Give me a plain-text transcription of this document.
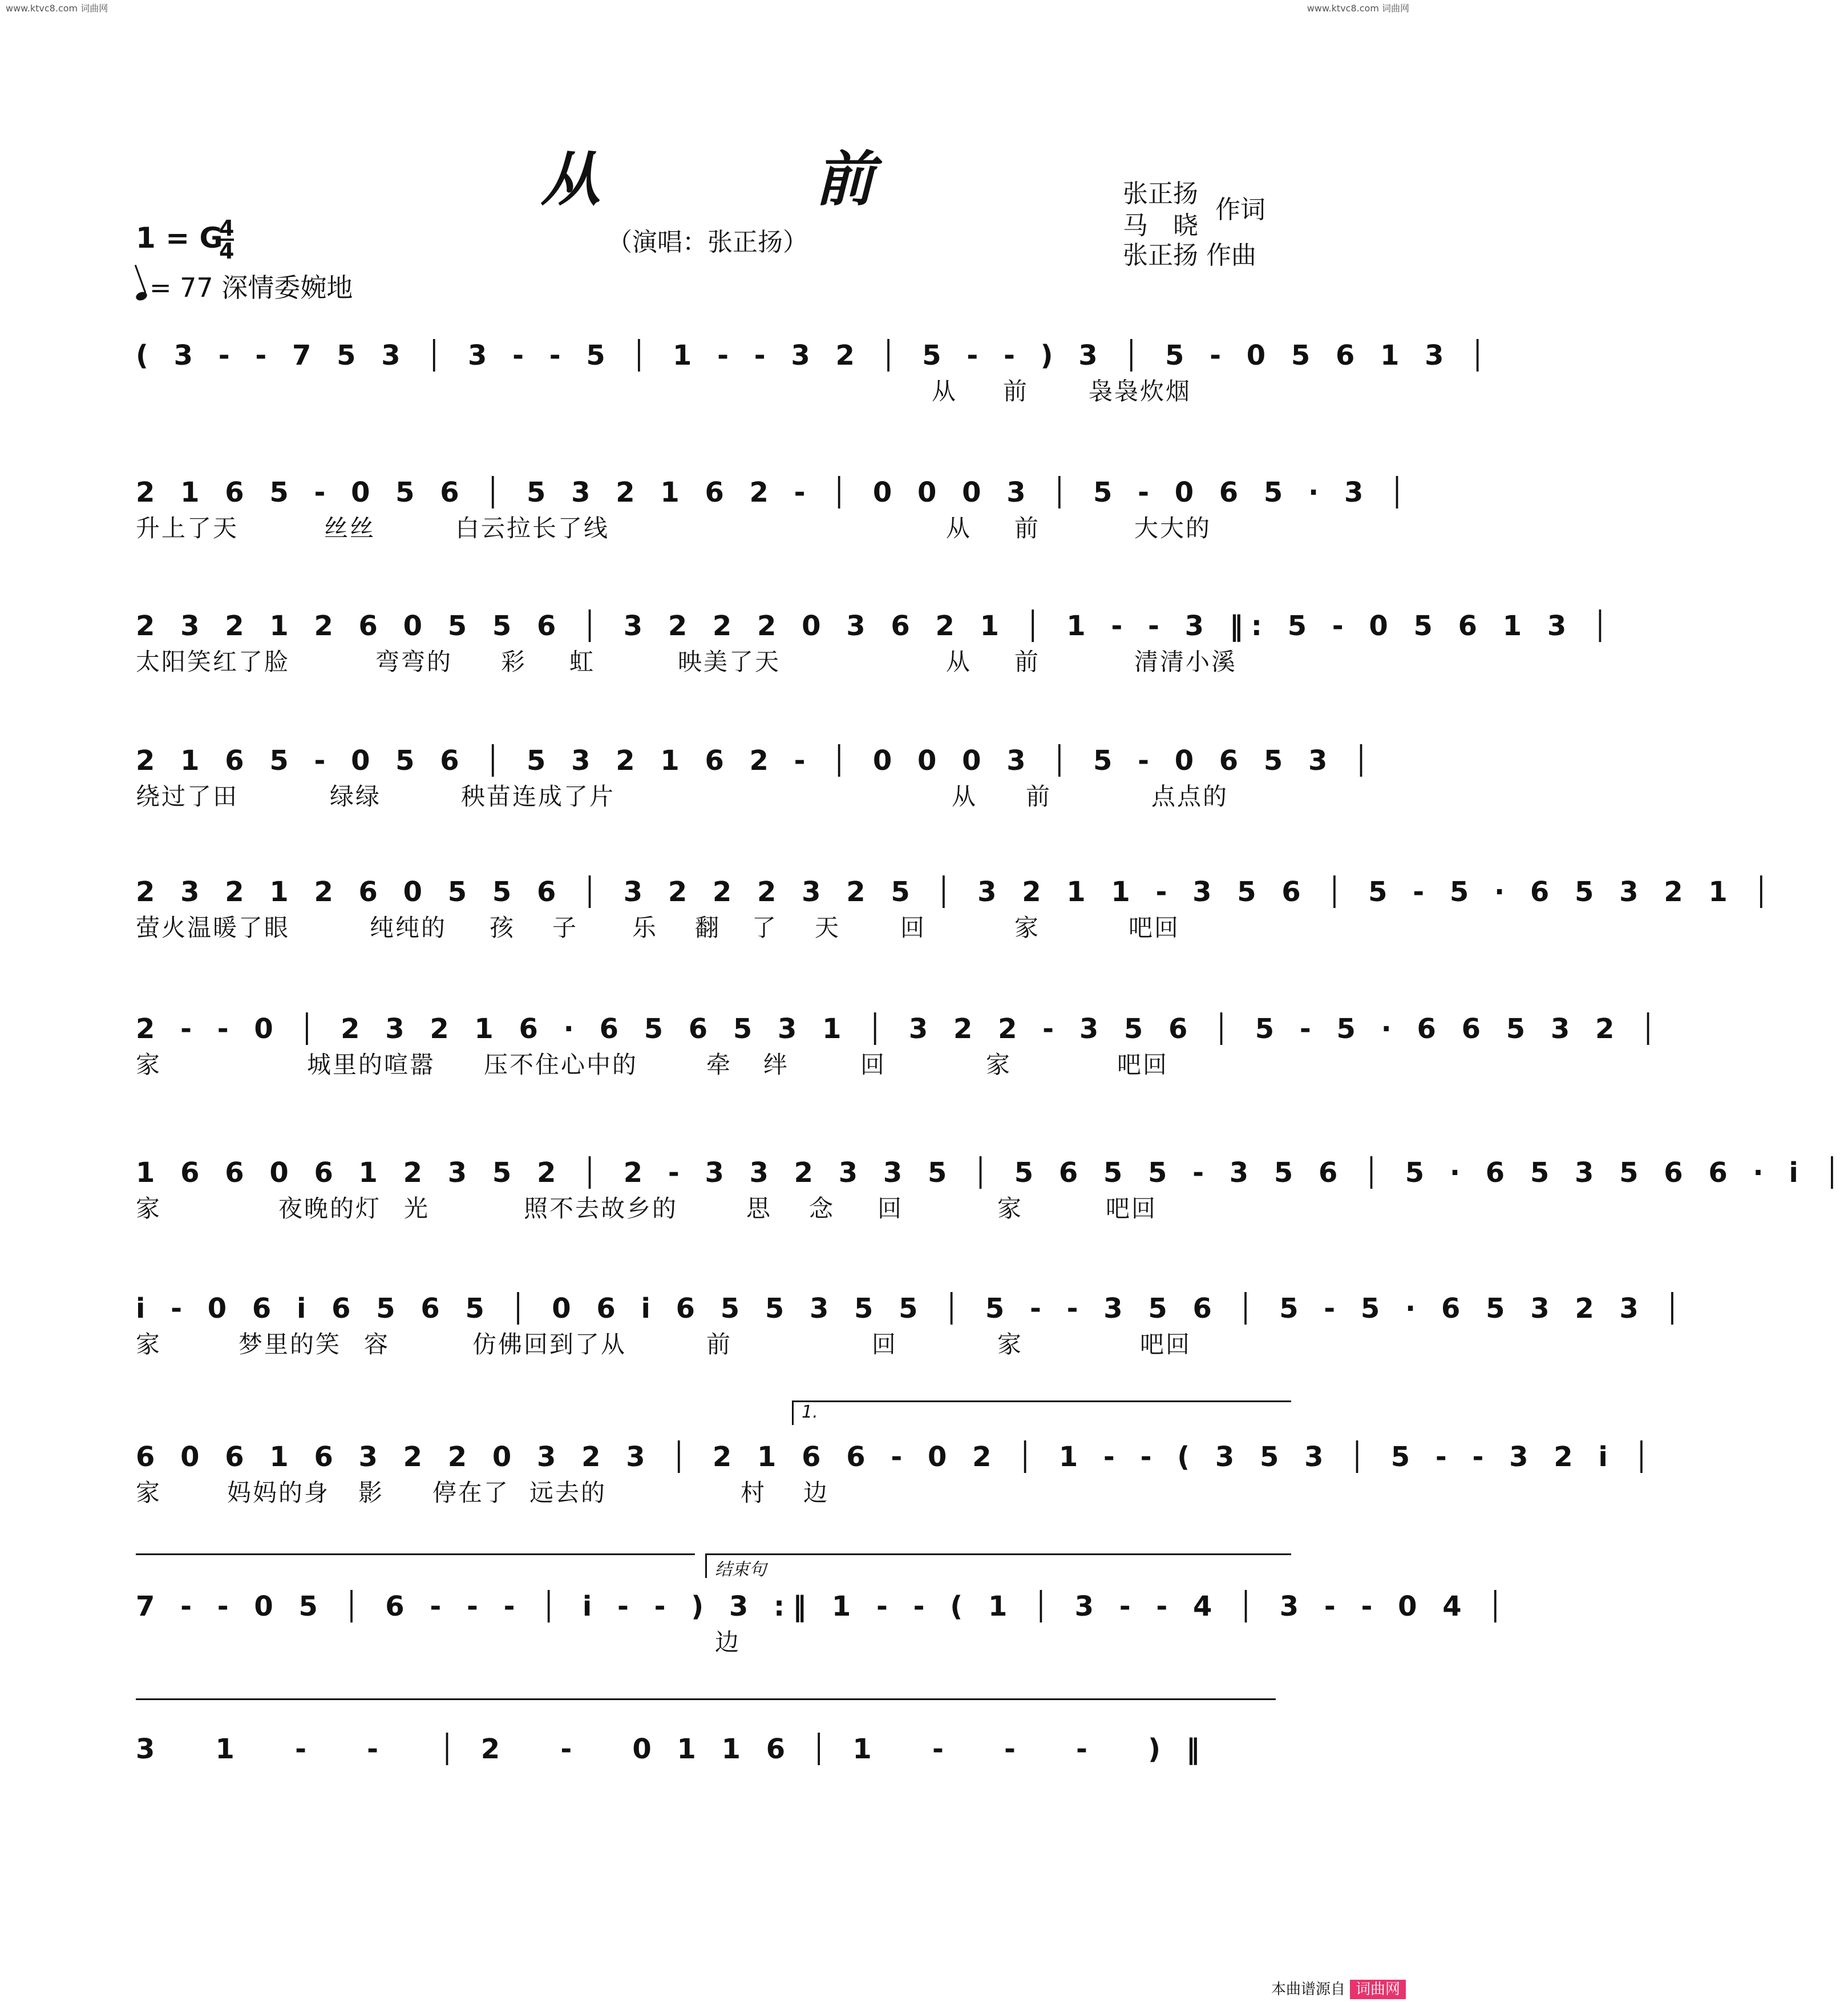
www.ktvc8.com 词曲网	www.ktvc8.com 词曲网
从 前
（演唱：张正扬）
张正扬
马　晓
作词
张正扬 作曲
1 = G
$\frac{4}{4}$
= 77 深情委婉地
( 3 - - 7 5 3 │ 3 - - 5 │ 1 - - 3 2 │ 5 - - ) 3 │ 5 - 0 5 6 1 3 │

从

前

袅袅炊烟

2 1 6 5 - 0 5 6 │ 5 3 2 1 6 2 - │ 0 0 0 3 │ 5 - 0 6 5 · 3 │

升上了天

	丝丝

	白云拉长了线

	从

前

	大大的

2 3 2 1 2 6 0 5 5 6 │ 3 2 2 2 0 3 6 2 1 │ 1 - - 3 ‖: 5 - 0 5 6 1 3 │

太阳笑红了脸

	弯弯的

彩

虹

	映美了天

	从

前

	清清小溪

2 1 6 5 - 0 5 6 │ 5 3 2 1 6 2 - │ 0 0 0 3 │ 5 - 0 6 5 3 │

绕过了田

	绿绿

	秧苗连成了片

	从

前

	点点的

2 3 2 1 2 6 0 5 5 6 │ 3 2 2 2 3 2 5 │ 3 2 1 1 - 3 5 6 │ 5 - 5 · 6 5 3 2 1 │

萤火温暖了眼

	纯纯的

孩

子

乐

翻

了

天

回

	家

	吧回

2 - - 0 │ 2 3 2 1 6 · 6 5 6 5 3 1 │ 3 2 2 - 3 5 6 │ 5 - 5 · 6 6 5 3 2 │

家

	城里的喧嚣

压不住心中的

	牵

绊

	回

	家

	吧回

1 6 6 0 6 1 2 3 5 2 │ 2 - 3 3 2 3 3 5 │ 5 6 5 5 - 3 5 6 │ 5 · 6 5 3 5 6 6 · i │

家

	夜晚的灯

光

	照不去故乡的

	思

念

回

	家

	吧回

i - 0 6 i 6 5 6 5 │ 0 6 i 6 5 5 3 5 5 │ 5 - - 3 5 6 │ 5 - 5 · 6 5 3 2 3 │

家

	梦里的笑

容

	仿佛回到了从

	前

	回

	家

	吧回

1.
6 0 6 1 6 3 2 2 0 3 2 3 │ 2 1 6 6 - 0 2 │ 1 - - ( 3 5 3 │ 5 - - 3 2 i │

家

	妈妈的身

影

停在了

远去的

	村

边

结束句
7 - - 0 5 │ 6 - - - │ i - - ) 3 :‖ 1 - - ( 1 │ 3 - - 4 │ 3 - - 0 4 │

边

3   1   -   -   │ 2   -   0 1 1 6 │ 1   -   -   -   ) ‖
本曲谱源自 词曲网
